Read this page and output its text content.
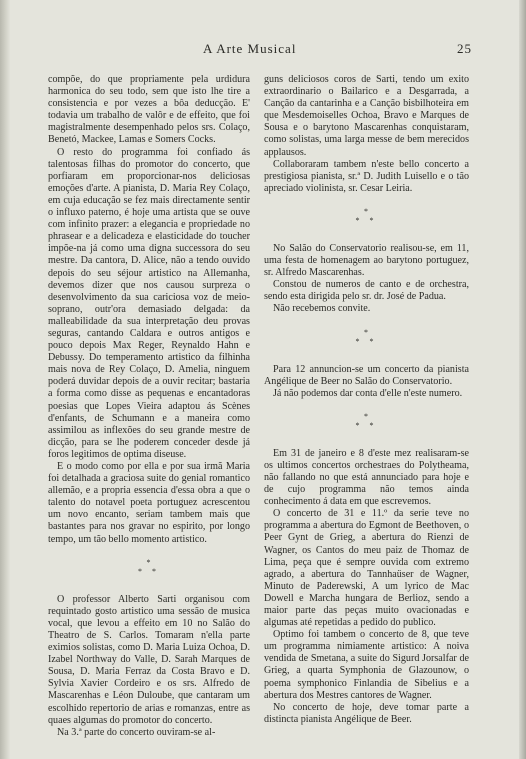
A Arte Musical	25

compõe, do que propriamente pela urdidura harmonica do seu todo, sem que isto lhe tire a consistencia e por vezes a bôa deducção. E' todavia um trabalho de valôr e de effeito, que foi magistralmente desempenhado pelos srs. Colaço, Benetó, Mackee, Lamas e Somers Cocks.

O resto do programma foi confiado ás talentosas filhas do promotor do concerto, que porfiaram em proporcionar-nos deliciosas emoções d'arte. A pianista, D. Maria Rey Colaço, em cuja educação se fez mais directamente sentir o influxo paterno, é hoje uma artista que se ouve com infinito prazer: a elegancia e propriedade no phrasear e a delicadeza e elasticidade do toucher impõe-na já como uma digna successora do seu mestre. Da cantora, D. Alice, não a tendo ouvido depois do seu séjour artistico na Allemanha, devemos dizer que nos causou surpreza o desenvolvimento da sua cariciosa voz de meio-soprano, outr'ora demasiado delgada: da malleabilidade da sua interpretação deu provas seguras, cantando Caldara e outros antigos e pouco depois Max Reger, Reynaldo Hahn e Debussy. Do temperamento artistico da filhinha mais nova de Rey Colaço, D. Amelia, ninguem poderá duvidar depois de a ouvir recitar; bastaria a forma como disse as pequenas e encantadoras poesias que Lopes Vieira adaptou ás Scènes d'enfants, de Schumann e a maneira como assimilou as inflexões do seu grande mestre de dicção, para se lhe poderem conceder desde já foros legitimos de optima diseuse.

E o modo como por ella e por sua irmã Maria foi detalhada a graciosa suite do genial romantico allemão, e a propria essencia d'essa obra a que o talento do notavel poeta portuguez acrescentou um novo encanto, seriam tambem mais que bastantes para nos gravar no espirito, por longo tempo, um tão bello momento artistico.

*
* *

O professor Alberto Sarti organisou com requintado gosto artistico uma sessão de musica vocal, que levou a effeito em 10 no Salão do Theatro de S. Carlos. Tomaram n'ella parte eximios solistas, como D. Maria Luiza Ochoa, D. Izabel Northway do Valle, D. Sarah Marques de Sousa, D. Maria Ferraz da Costa Bravo e D. Sylvia Xavier Cordeiro e os srs. Alfredo de Mascarenhas e Léon Duloube, que cantaram um escolhido repertorio de arias e romanzas, entre as quaes algumas do promotor do concerto.

Na 3.ª parte do concerto ouviram-se al-

guns deliciosos coros de Sarti, tendo um exito extraordinario o Bailarico e a Desgarrada, a Canção da cantarinha e a Canção bisbilhoteira em que Mesdemoiselles Ochoa, Bravo e Marques de Sousa e o barytono Mascarenhas conquistaram, como solistas, uma larga messe de bem merecidos applausos.

Collaboraram tambem n'este bello concerto a prestigiosa pianista, sr.ª D. Judith Luisello e o tão apreciado violinista, sr. Cesar Leiria.

*
* *

No Salão do Conservatorio realisou-se, em 11, uma festa de homenagem ao barytono portuguez, sr. Alfredo Mascarenhas.

Constou de numeros de canto e de orchestra, sendo esta dirigida pelo sr. dr. José de Padua.

Não recebemos convite.

*
* *

Para 12 annuncion-se um concerto da pianista Angélique de Beer no Salão do Conservatorio.

Já não podemos dar conta d'elle n'este numero.

*
* *

Em 31 de janeiro e 8 d'este mez realisaram-se os ultimos concertos orchestraes do Polytheama, não fallando no que está annunciado para hoje e de cujo programma não temos ainda conhecimento á data em que escrevemos.

O concerto de 31 e 11.º da serie teve no programma a abertura do Egmont de Beethoven, o Peer Gynt de Grieg, a abertura do Rienzi de Wagner, os Cantos do meu paiz de Thomaz de Lima, peça que é sempre ouvida com extremo agrado, a abertura do Tannhaüser de Wagner, Minuto de Paderewski, A um lyrico de Mac Dowell e Marcha hungara de Berlioz, sendo a maior parte das peças muito ovacionadas e algumas até repetidas a pedido do publico.

Optimo foi tambem o concerto de 8, que teve um programma nimiamente artistico: A noiva vendida de Smetana, a suite do Sigurd Jorsalfar de Grieg, a quarta Symphonia de Glazounow, o poema symphonico Finlandia de Sibelius e a abertura dos Mestres cantores de Wagner.

No concerto de hoje, deve tomar parte a distincta pianista Angélique de Beer.
